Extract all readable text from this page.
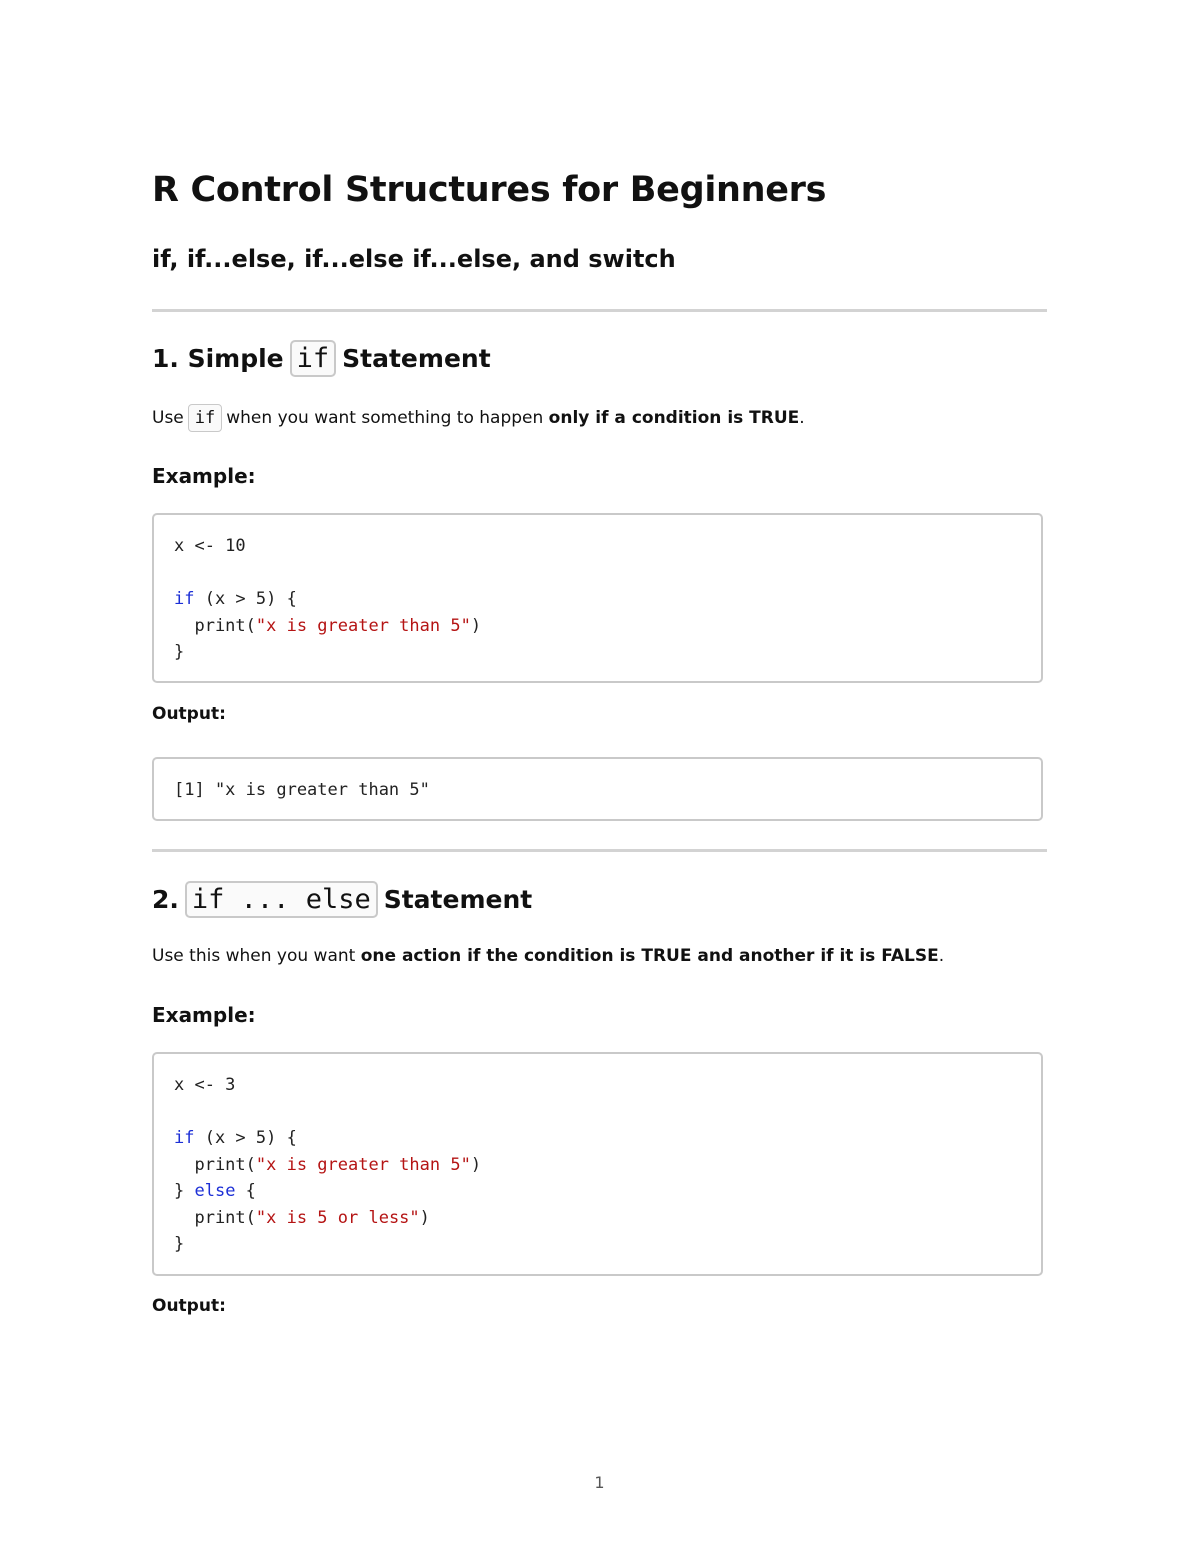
R Control Structures for Beginners

if, if...else, if...else if...else, and switch

1. Simple if Statement

Use if when you want something to happen
only if a condition is TRUE .

Example:

x <- 10

if (x > 5) {
print("x is greater than 5")
}

Output:

[1] "x is greater than 5"
2. if ... else Statement

Use this when you want
one action if the condition is TRUE and another if it is FALSE .

Example:

x <- 3

if (x > 5) {
print("x is greater than 5")
} else {
print("x is 5 or less")
}

Output:

1
